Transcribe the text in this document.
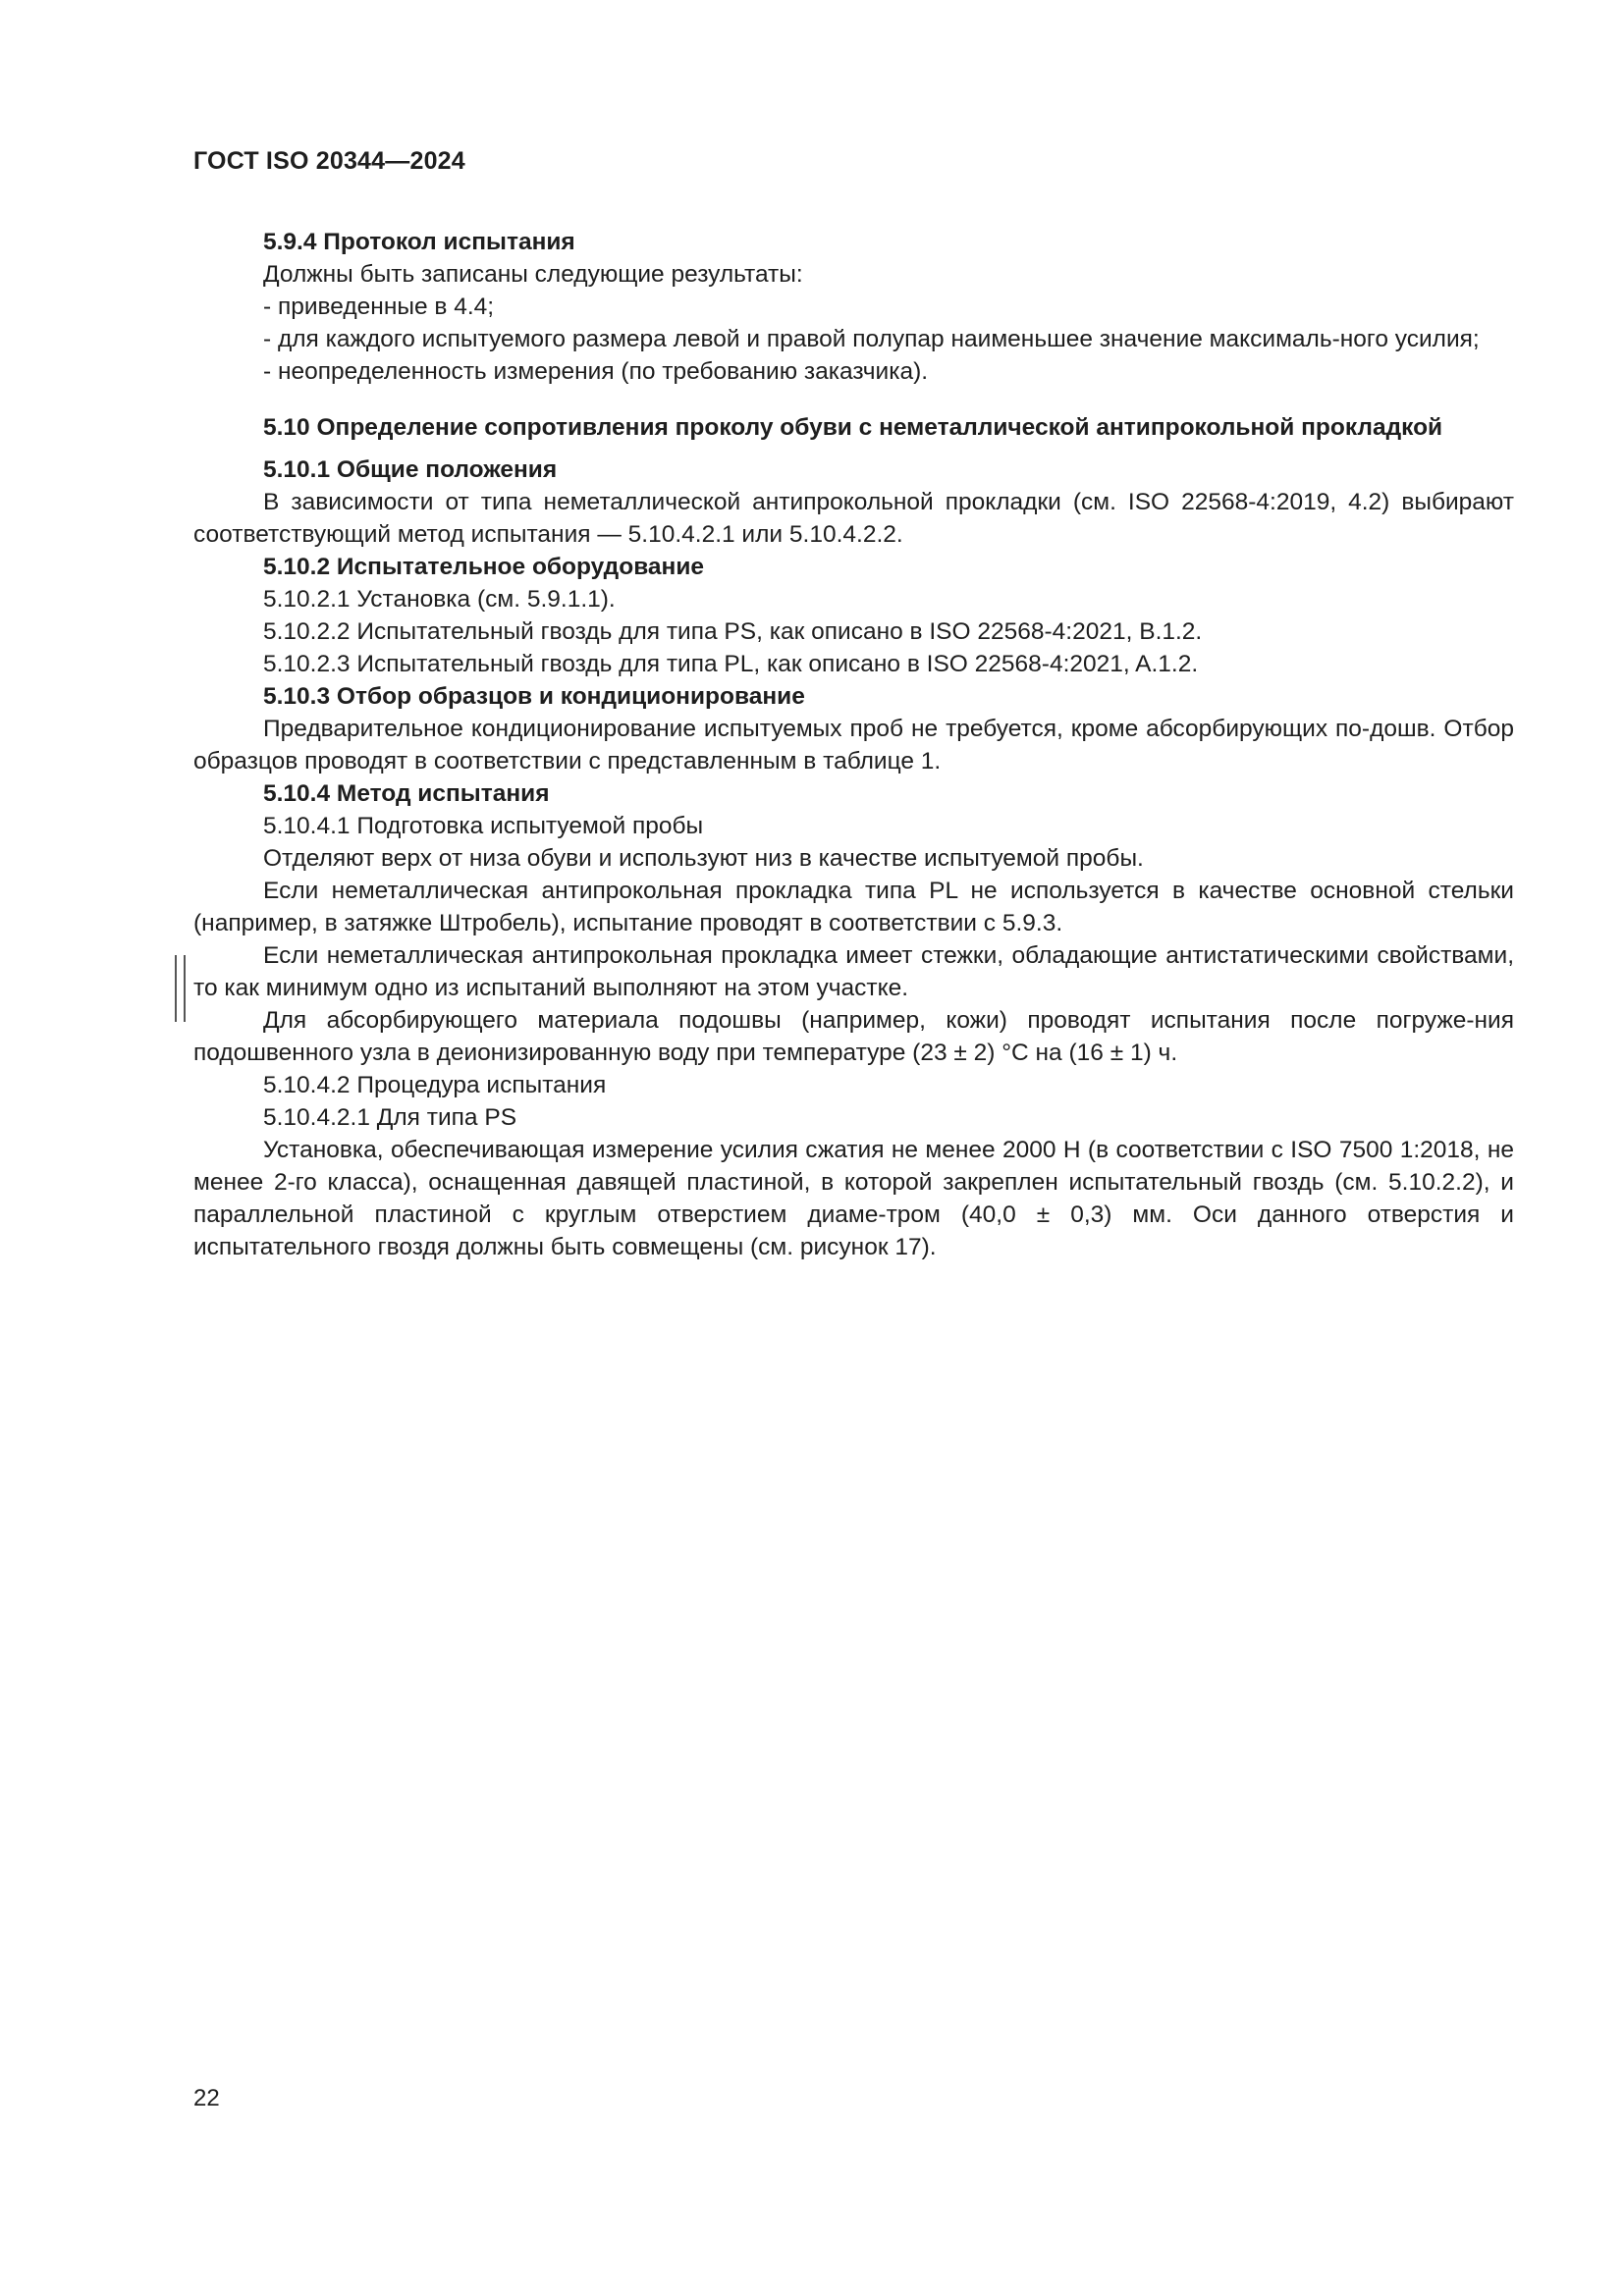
ГОСТ ISO 20344—2024

5.9.4 Протокол испытания

Должны быть записаны следующие результаты:

- приведенные в 4.4;

- для каждого испытуемого размера левой и правой полупар наименьшее значение максималь-ного усилия;

- неопределенность измерения (по требованию заказчика).

5.10 Определение сопротивления проколу обуви с неметаллической антипрокольной прокладкой

5.10.1 Общие положения

В зависимости от типа неметаллической антипрокольной прокладки (см. ISO 22568-4:2019, 4.2) выбирают соответствующий метод испытания — 5.10.4.2.1 или 5.10.4.2.2.

5.10.2 Испытательное оборудование

5.10.2.1 Установка (см. 5.9.1.1).

5.10.2.2 Испытательный гвоздь для типа PS, как описано в ISO 22568-4:2021, B.1.2.

5.10.2.3 Испытательный гвоздь для типа PL, как описано в ISO 22568-4:2021, A.1.2.

5.10.3 Отбор образцов и кондиционирование

Предварительное кондиционирование испытуемых проб не требуется, кроме абсорбирующих по-дошв. Отбор образцов проводят в соответствии с представленным в таблице 1.

5.10.4 Метод испытания

5.10.4.1 Подготовка испытуемой пробы

Отделяют верх от низа обуви и используют низ в качестве испытуемой пробы.

Если неметаллическая антипрокольная прокладка типа PL не используется в качестве основной стельки (например, в затяжке Штробель), испытание проводят в соответствии с 5.9.3.

Если неметаллическая антипрокольная прокладка имеет стежки, обладающие антистатическими свойствами, то как минимум одно из испытаний выполняют на этом участке.

Для абсорбирующего материала подошвы (например, кожи) проводят испытания после погруже-ния подошвенного узла в деионизированную воду при температуре (23 ± 2) °C на (16 ± 1) ч.

5.10.4.2 Процедура испытания

5.10.4.2.1 Для типа PS

Установка, обеспечивающая измерение усилия сжатия не менее 2000 Н (в соответствии с ISO 7500 1:2018, не менее 2-го класса), оснащенная давящей пластиной, в которой закреплен испытательный гвоздь (см. 5.10.2.2), и параллельной пластиной с круглым отверстием диаме-тром (40,0 ± 0,3) мм. Оси данного отверстия и испытательного гвоздя должны быть совмещены (см. рисунок 17).

22
